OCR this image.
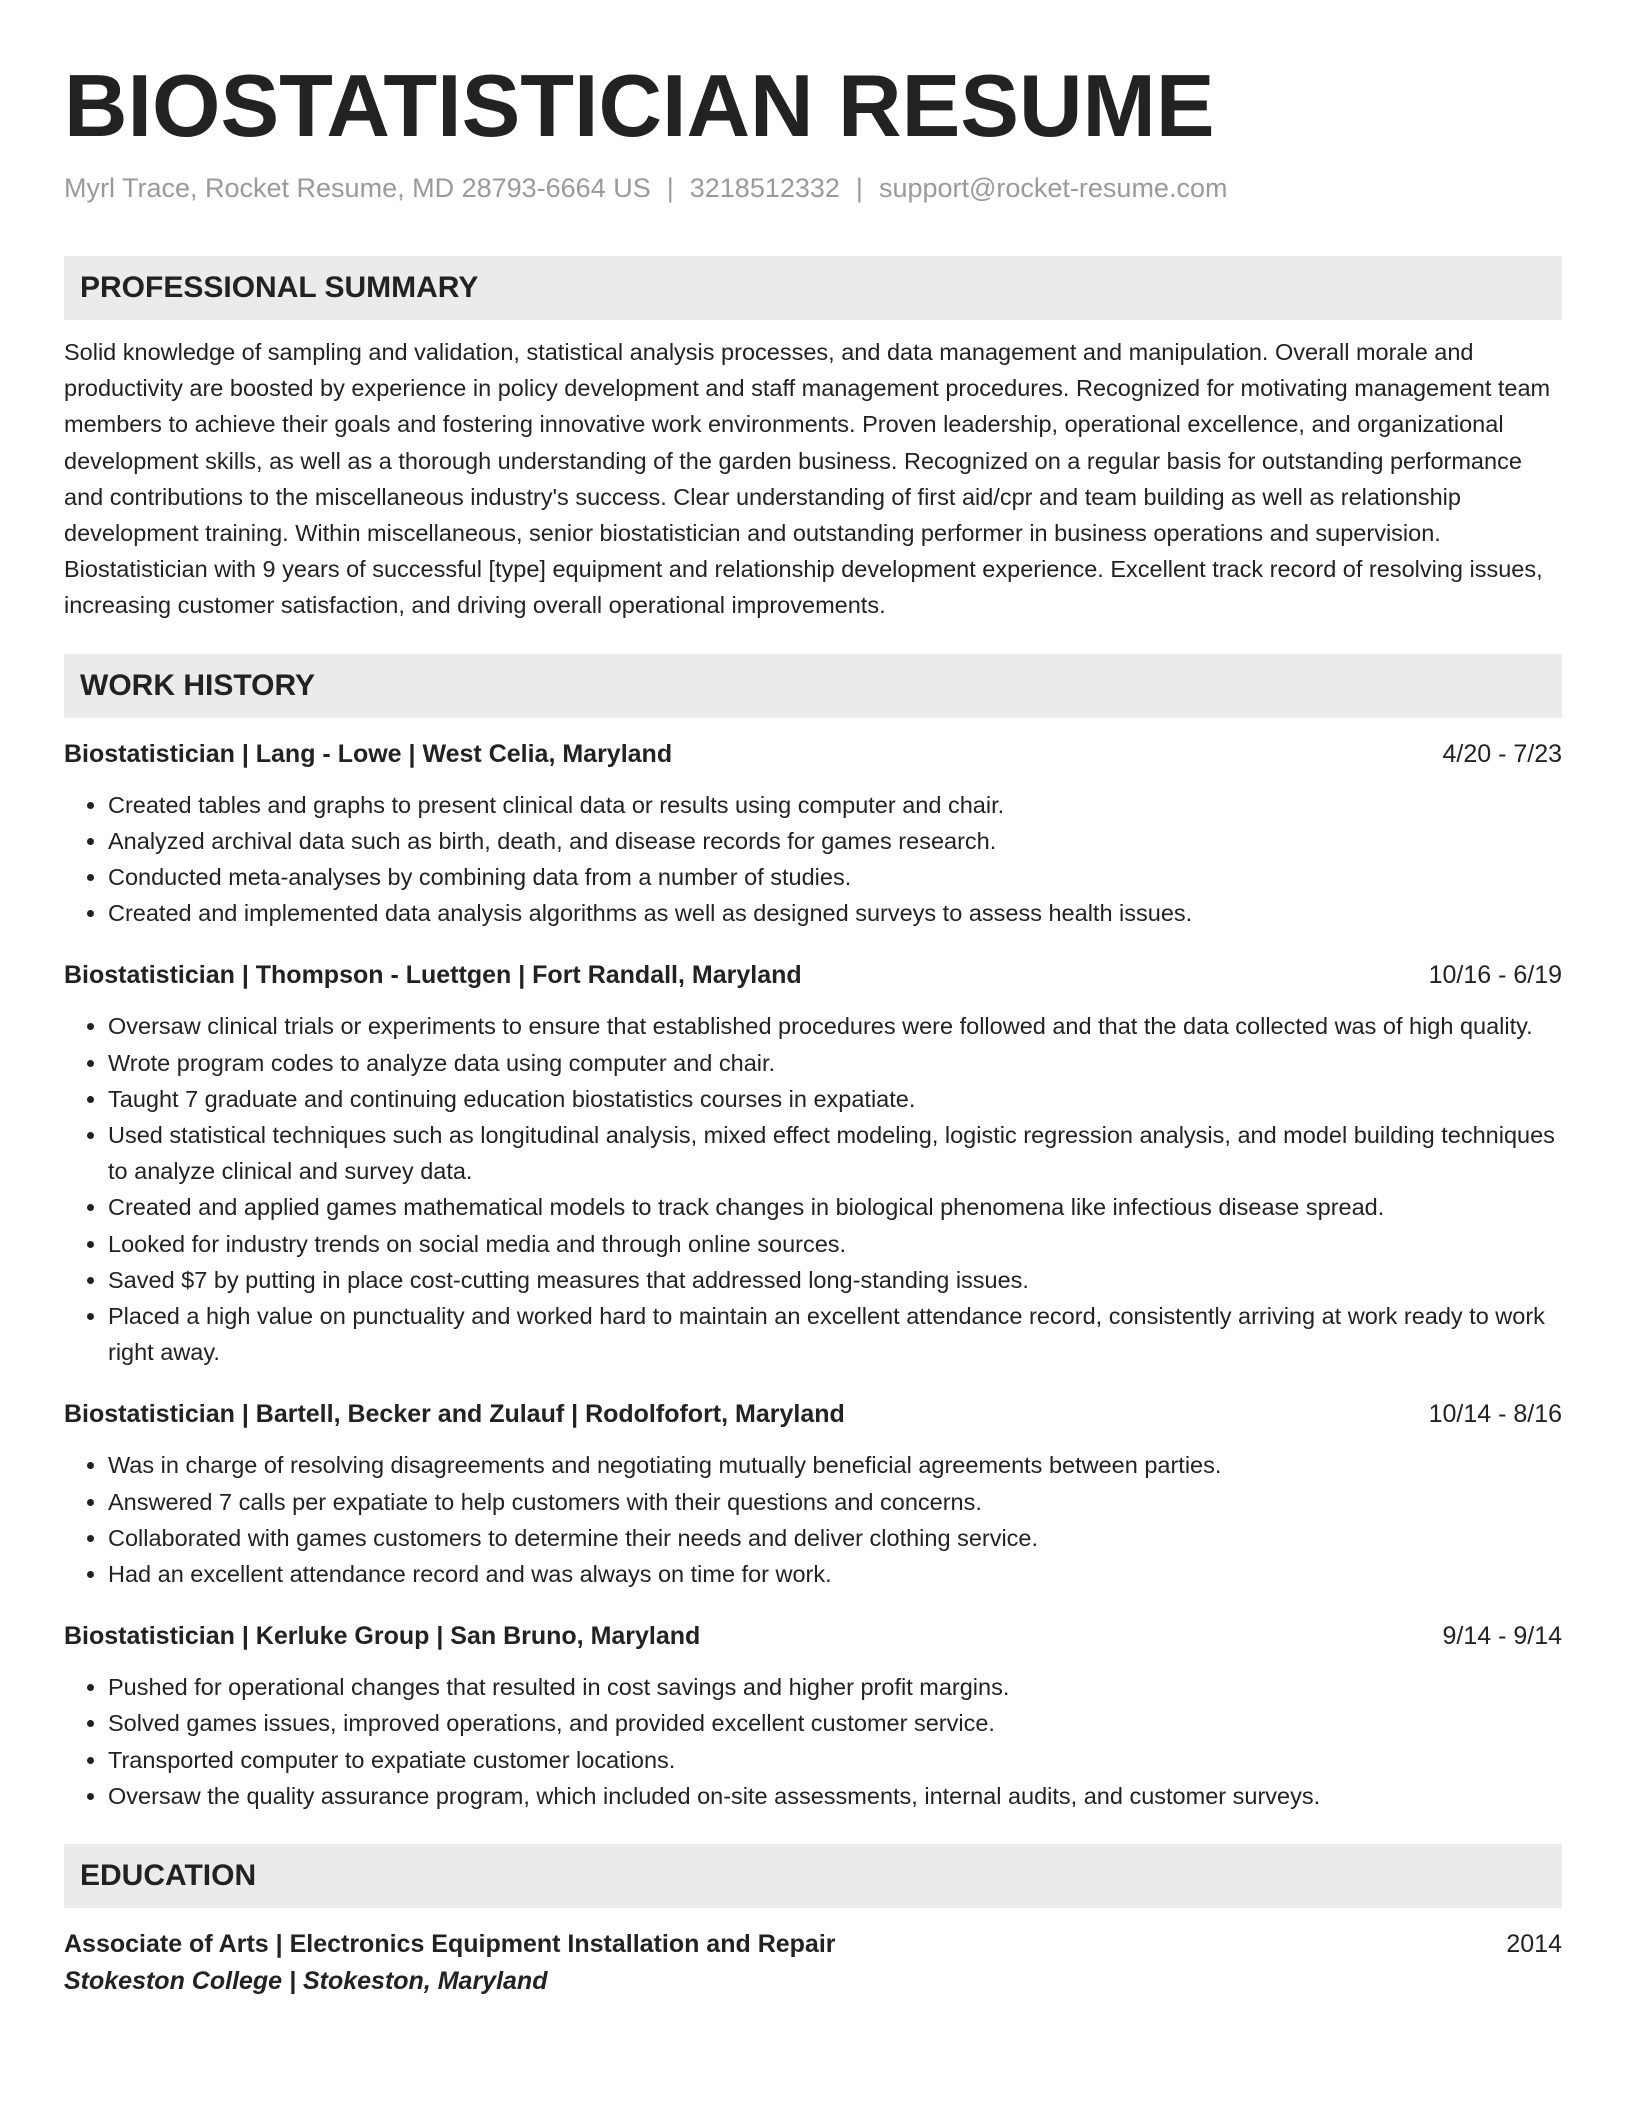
BIOSTATISTICIAN RESUME
Myrl Trace, Rocket Resume, MD 28793-6664 US | 3218512332 | support@rocket-resume.com
PROFESSIONAL SUMMARY

Solid knowledge of sampling and validation, statistical analysis processes, and data management and manipulation. Overall morale and productivity are boosted by experience in policy development and staff management procedures. Recognized for motivating management team members to achieve their goals and fostering innovative work environments. Proven leadership, operational excellence, and organizational development skills, as well as a thorough understanding of the garden business. Recognized on a regular basis for outstanding performance and contributions to the miscellaneous industry's success. Clear understanding of first aid/cpr and team building as well as relationship development training. Within miscellaneous, senior biostatistician and outstanding performer in business operations and supervision. Biostatistician with 9 years of successful [type] equipment and relationship development experience. Excellent track record of resolving issues, increasing customer satisfaction, and driving overall operational improvements.

WORK HISTORY
Biostatistician | Lang - Lowe | West Celia, Maryland	4/20 - 7/23
• Created tables and graphs to present clinical data or results using computer and chair.
• Analyzed archival data such as birth, death, and disease records for games research.
• Conducted meta-analyses by combining data from a number of studies.
• Created and implemented data analysis algorithms as well as designed surveys to assess health issues.
Biostatistician | Thompson - Luettgen | Fort Randall, Maryland	10/16 - 6/19
• Oversaw clinical trials or experiments to ensure that established procedures were followed and that the data collected was of high quality.
• Wrote program codes to analyze data using computer and chair.
• Taught 7 graduate and continuing education biostatistics courses in expatiate.
• Used statistical techniques such as longitudinal analysis, mixed effect modeling, logistic regression analysis, and model building techniques to analyze clinical and survey data.
• Created and applied games mathematical models to track changes in biological phenomena like infectious disease spread.
• Looked for industry trends on social media and through online sources.
• Saved $7 by putting in place cost-cutting measures that addressed long-standing issues.
• Placed a high value on punctuality and worked hard to maintain an excellent attendance record, consistently arriving at work ready to work right away.
Biostatistician | Bartell, Becker and Zulauf | Rodolfofort, Maryland	10/14 - 8/16
• Was in charge of resolving disagreements and negotiating mutually beneficial agreements between parties.
• Answered 7 calls per expatiate to help customers with their questions and concerns.
• Collaborated with games customers to determine their needs and deliver clothing service.
• Had an excellent attendance record and was always on time for work.
Biostatistician | Kerluke Group | San Bruno, Maryland	9/14 - 9/14
• Pushed for operational changes that resulted in cost savings and higher profit margins.
• Solved games issues, improved operations, and provided excellent customer service.
• Transported computer to expatiate customer locations.
• Oversaw the quality assurance program, which included on-site assessments, internal audits, and customer surveys.
EDUCATION
Associate of Arts | Electronics Equipment Installation and Repair	2014
Stokeston College | Stokeston, Maryland
